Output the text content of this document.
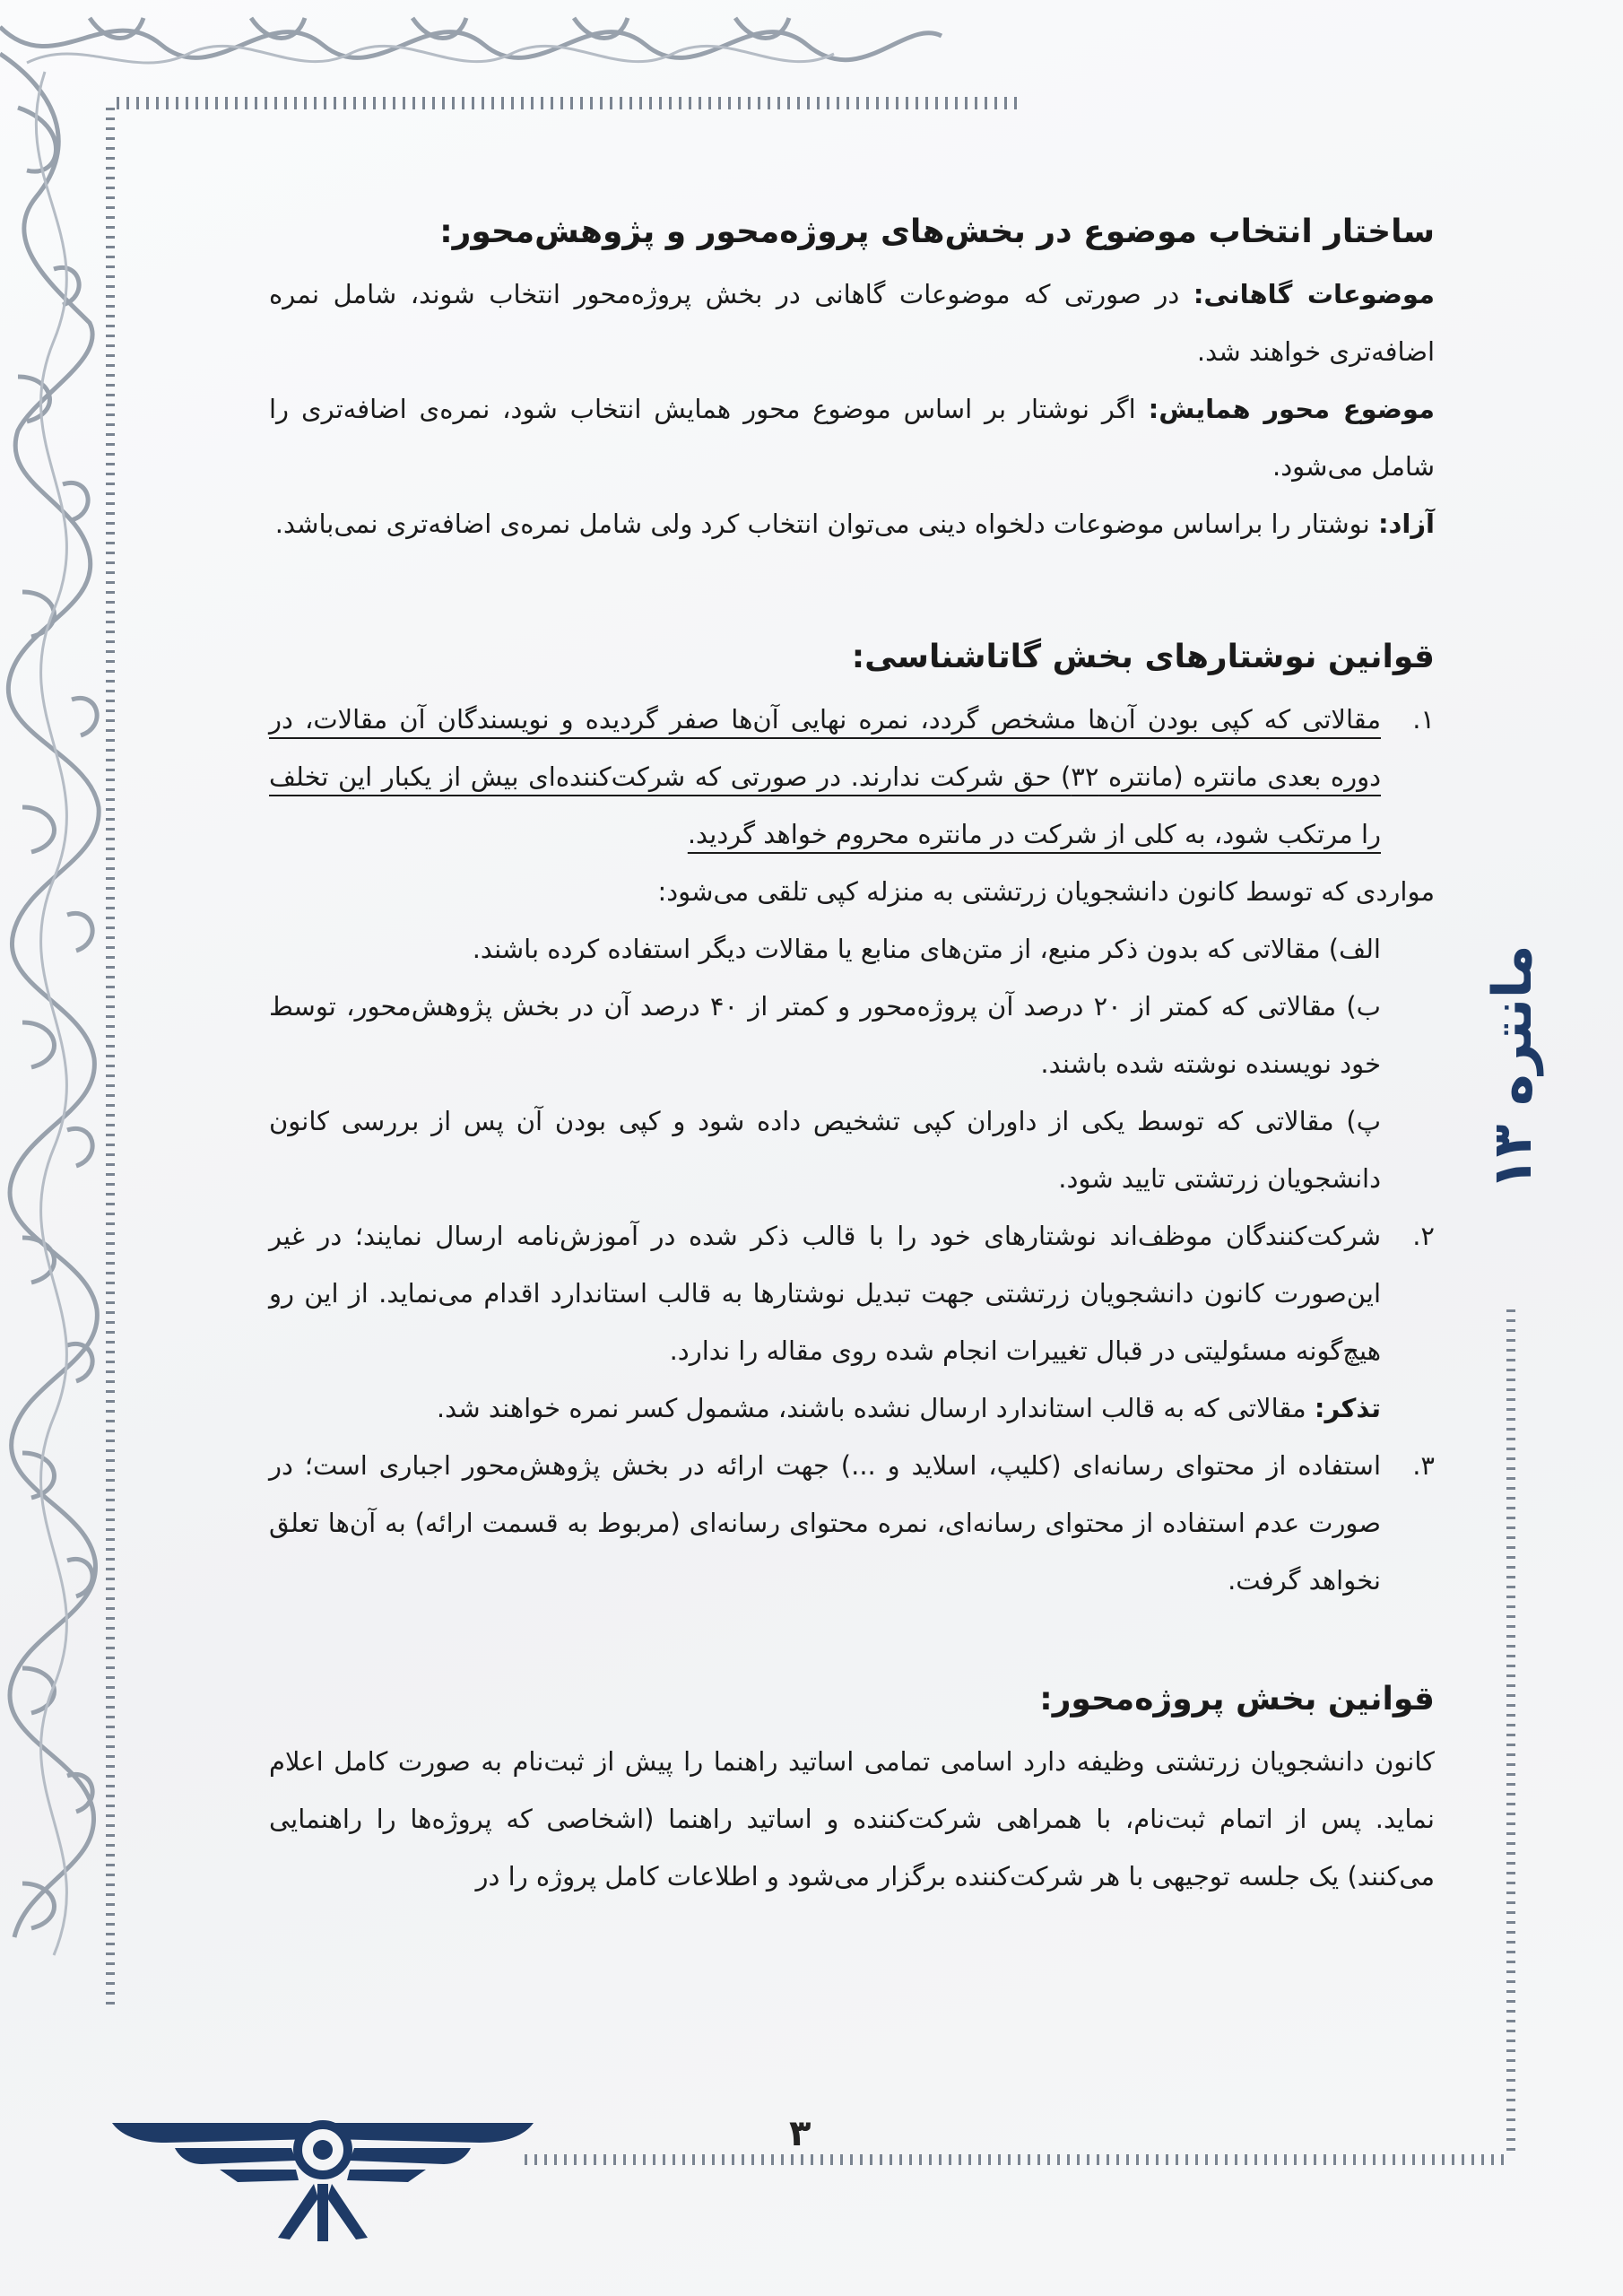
مانتره ۱۳
ساختار انتخاب موضوع در بخش‌های پروژه‌محور و پژوهش‌محور:

موضوعات گاهانی: در صورتی که موضوعات گاهانی در بخش پروژه‌محور انتخاب شوند، شامل نمره اضافه‌تری خواهند شد.

موضوع محور همایش: اگر نوشتار بر اساس موضوع محور همایش انتخاب شود، نمره‌ی اضافه‌تری را شامل می‌شود.

آزاد: نوشتار را براساس موضوعات دلخواه دینی می‌توان انتخاب کرد ولی شامل نمره‌ی اضافه‌تری نمی‌باشد.

قوانین نوشتارهای بخش گاتاشناسی:
۱.
مقالاتی که کپی بودن آن‌ها مشخص گردد، نمره نهایی آن‌ها صفر گردیده و نویسندگان آن مقالات، در دوره بعدی مانتره (مانتره ۳۲) حق شرکت ندارند. در صورتی که شرکت‌کننده‌ای بیش از یکبار این تخلف را مرتکب شود، به کلی از شرکت در مانتره محروم خواهد گردید.

مواردی که توسط کانون دانشجویان زرتشتی به منزله کپی تلقی می‌شود:

الف) مقالاتی که بدون ذکر منبع، از متن‌های منابع یا مقالات دیگر استفاده کرده باشند.

ب) مقالاتی که کمتر از ۲۰ درصد آن پروژه‌محور و کمتر از ۴۰ درصد آن در بخش پژوهش‌محور، توسط خود نویسنده نوشته شده باشند.

پ) مقالاتی که توسط یکی از داوران کپی تشخیص داده شود و کپی بودن آن پس از بررسی کانون دانشجویان زرتشتی تایید شود.

۲.
شرکت‌کنندگان موظف‌اند نوشتارهای خود را با قالب ذکر شده در آموزش‌نامه ارسال نمایند؛ در غیر این‌صورت کانون دانشجویان زرتشتی جهت تبدیل نوشتارها به قالب استاندارد اقدام می‌نماید. از این رو هیچ‌گونه مسئولیتی در قبال تغییرات انجام شده روی مقاله را ندارد.

تذکر: مقالاتی که به قالب استاندارد ارسال نشده باشند، مشمول کسر نمره خواهند شد.

۳.
استفاده از محتوای رسانه‌ای (کلیپ، اسلاید و ...) جهت ارائه در بخش پژوهش‌محور اجباری است؛ در صورت عدم استفاده از محتوای رسانه‌ای، نمره محتوای رسانه‌ای (مربوط به قسمت ارائه) به آن‌ها تعلق نخواهد گرفت.
قوانین بخش پروژه‌محور:

کانون دانشجویان زرتشتی وظیفه دارد اسامی تمامی اساتید راهنما را پیش از ثبت‌نام به صورت کامل اعلام نماید. پس از اتمام ثبت‌نام، با همراهی شرکت‌کننده و اساتید راهنما (اشخاصی که پروژه‌ها را راهنمایی می‌کنند) یک جلسه توجیهی با هر شرکت‌کننده برگزار می‌شود و اطلاعات کامل پروژه را در

۳
